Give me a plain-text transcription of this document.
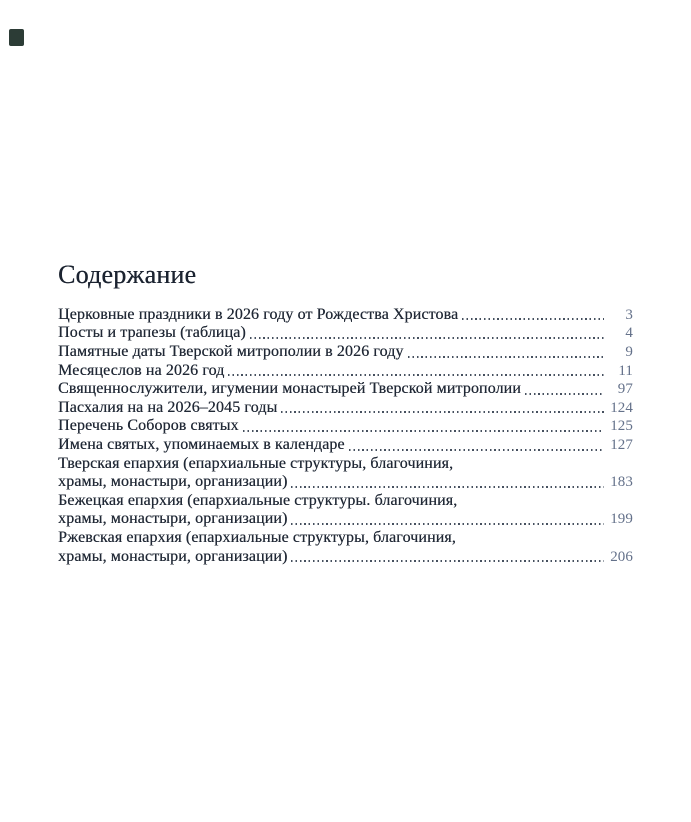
Содержание
Церковные праздники в 2026 году от Рождества Христова	3
Посты и трапезы (таблица)	4
Памятные даты Тверской митрополии в 2026 году	9
Месяцеслов на 2026 год	11
Священнослужители, игумении монастырей Тверской митрополии	97
Пасхалия на на 2026–2045 годы	124
Перечень Соборов святых	125
Имена святых, упоминаемых в календаре	127
Тверская епархия (епархиальные структуры, благочиния,
храмы, монастыри, организации)	183
Бежецкая епархия (епархиальные структуры. благочиния,
храмы, монастыри, организации)	199
Ржевская епархия (епархиальные структуры, благочиния,
храмы, монастыри, организации)	206
